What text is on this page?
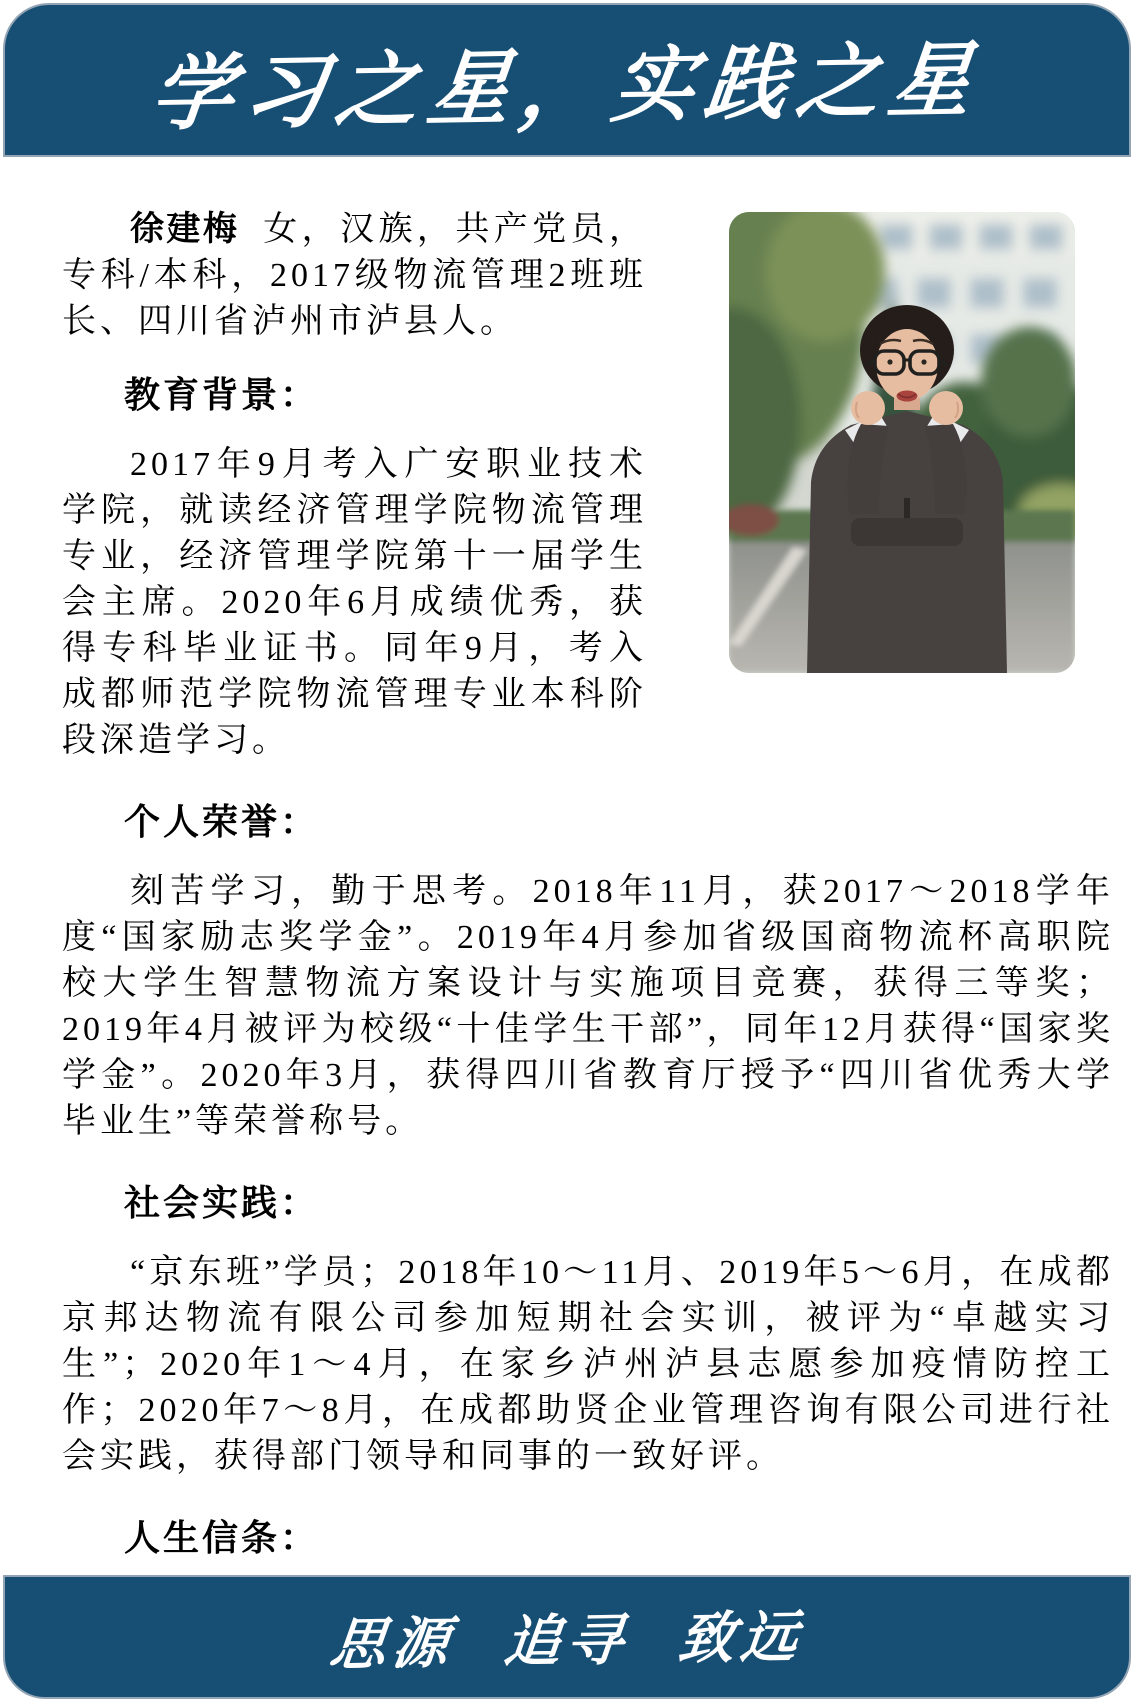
学习之星，实践之星

徐建梅 女，汉族，共产党员，专科/本科，2017级物流管理2班班长、四川省泸州市泸县人。

教育背景：

2017年9月考入广安职业技术学院，就读经济管理学院物流管理专业，经济管理学院第十一届学生会主席。2020年6月成绩优秀，获得专科毕业证书。同年9月，考入成都师范学院物流管理专业本科阶段深造学习。

个人荣誉：

刻苦学习，勤于思考。2018年11月，获2017～2018学年度“国家励志奖学金”。2019年4月参加省级国商物流杯高职院校大学生智慧物流方案设计与实施项目竞赛，获得三等奖；2019年4月被评为校级“十佳学生干部”，同年12月获得“国家奖学金”。2020年3月，获得四川省教育厅授予“四川省优秀大学毕业生”等荣誉称号。

社会实践：

“京东班”学员；2018年10～11月、2019年5～6月，在成都京邦达物流有限公司参加短期社会实训，被评为“卓越实习生”；2020年1～4月，在家乡泸州泸县志愿参加疫情防控工作；2020年7～8月，在成都助贤企业管理咨询有限公司进行社会实践，获得部门领导和同事的一致好评。

人生信条：

思源 追寻 致远
